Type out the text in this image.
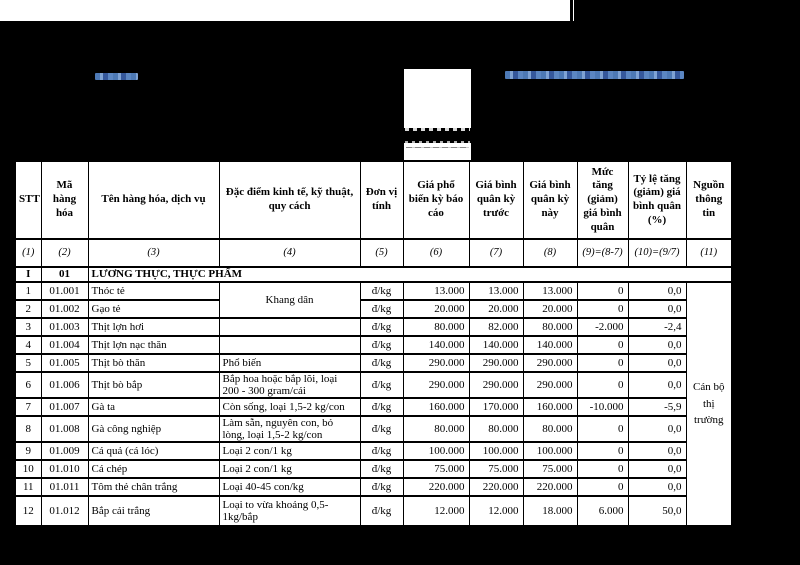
STT	Mã hàng hóa	Tên hàng hóa, dịch vụ	Đặc điểm kinh tế, kỹ thuật, quy cách	Đơn vị tính	Giá phổ biến kỳ báo cáo	Giá bình quân kỳ trước	Giá bình quân kỳ này	Mức tăng (giảm) giá bình quân	Tỷ lệ tăng (giảm) giá bình quân (%)	Nguồn thông tin
(1)	(2)	(3)	(4)	(5)	(6)	(7)	(8)	(9)=(8-7)	(10)=(9/7)	(11)
I	01	LƯƠNG THỰC, THỰC PHẨM								
1	01.001	Thóc tẻ	Khang dân	đ/kg	13.000	13.000	13.000	0	0,0	Cán bộ thị trường
2	01.002	Gạo tẻ		đ/kg	20.000	20.000	20.000	0	0,0	
3	01.003	Thịt lợn hơi		đ/kg	80.000	82.000	80.000	-2.000	-2,4	
4	01.004	Thịt lợn nạc thăn		đ/kg	140.000	140.000	140.000	0	0,0	
5	01.005	Thịt bò thăn	Phổ biến	đ/kg	290.000	290.000	290.000	0	0,0	
6	01.006	Thịt bò bắp	Bắp hoa hoặc bắp lõi, loại 200 - 300 gram/cái	đ/kg	290.000	290.000	290.000	0	0,0	
7	01.007	Gà ta	Còn sống, loại 1,5-2 kg/con	đ/kg	160.000	170.000	160.000	-10.000	-5,9	
8	01.008	Gà công nghiệp	Làm sẵn, nguyên con, bỏ lòng, loại 1,5-2 kg/con	đ/kg	80.000	80.000	80.000	0	0,0	
9	01.009	Cá quả (cá lóc)	Loại 2 con/1 kg	đ/kg	100.000	100.000	100.000	0	0,0	
10	01.010	Cá chép	Loại 2 con/1 kg	đ/kg	75.000	75.000	75.000	0	0,0	
11	01.011	Tôm thẻ chân trắng	Loại 40-45 con/kg	đ/kg	220.000	220.000	220.000	0	0,0	
12	01.012	Bắp cải trắng	Loại to vừa khoảng 0,5-1kg/bắp	đ/kg	12.000	12.000	18.000	6.000	50,0	
